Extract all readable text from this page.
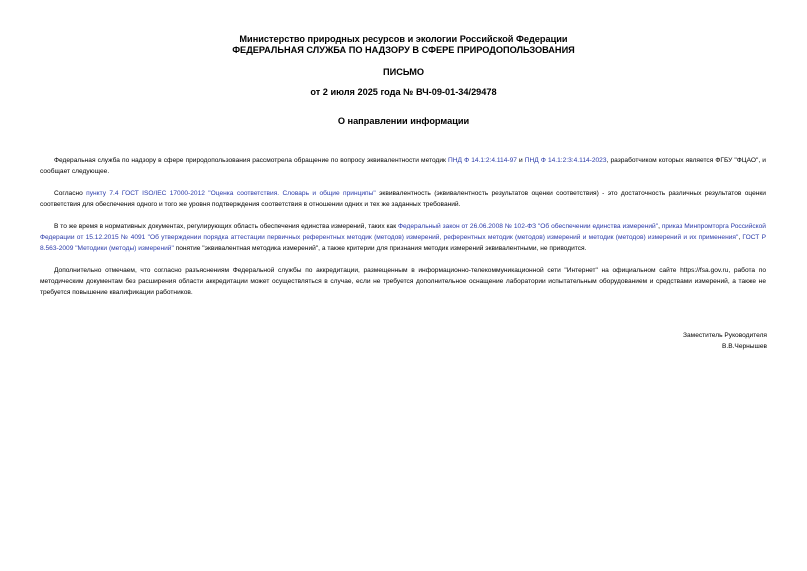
Министерство природных ресурсов и экологии Российской Федерации
ФЕДЕРАЛЬНАЯ СЛУЖБА ПО НАДЗОРУ В СФЕРЕ ПРИРОДОПОЛЬЗОВАНИЯ
ПИСЬМО
от 2 июля 2025 года № ВЧ-09-01-34/29478
О направлении информации

Федеральная служба по надзору в сфере природопользования рассмотрела обращение по вопросу эквивалентности методик ПНД Ф 14.1:2:4.114-97 и ПНД Ф 14.1:2:3:4.114-2023, разработчиком которых является ФГБУ "ФЦАО", и сообщает следующее.

Согласно пункту 7.4 ГОСТ ISO/IEC 17000-2012 "Оценка соответствия. Словарь и общие принципы" эквивалентность (эквивалентность результатов оценки соответствия) - это достаточность различных результатов оценки соответствия для обеспечения одного и того же уровня подтверждения соответствия в отношении одних и тех же заданных требований.

В то же время в нормативных документах, регулирующих область обеспечения единства измерений, таких как Федеральный закон от 26.06.2008 № 102-ФЗ "Об обеспечении единства измерений", приказ Минпромторга Российской Федерации от 15.12.2015 № 4091 "Об утверждении порядка аттестации первичных референтных методик (методов) измерений, референтных методик (методов) измерений и методик (методов) измерений и их применения", ГОСТ Р 8.563-2009 "Методики (методы) измерений" понятие "эквивалентная методика измерений", а также критерии для признания методик измерений эквивалентными, не приводится.

Дополнительно отмечаем, что согласно разъяснениям Федеральной службы по аккредитации, размещенным в информационно-телекоммуникационной сети "Интернет" на официальном сайте https://fsa.gov.ru, работа по методическим документам без расширения области аккредитации может осуществляться в случае, если не требуется дополнительное оснащение лаборатории испытательным оборудованием и средствами измерений, а также не требуется повышение квалификации работников.

Заместитель Руководителя
В.В.Чернышев
